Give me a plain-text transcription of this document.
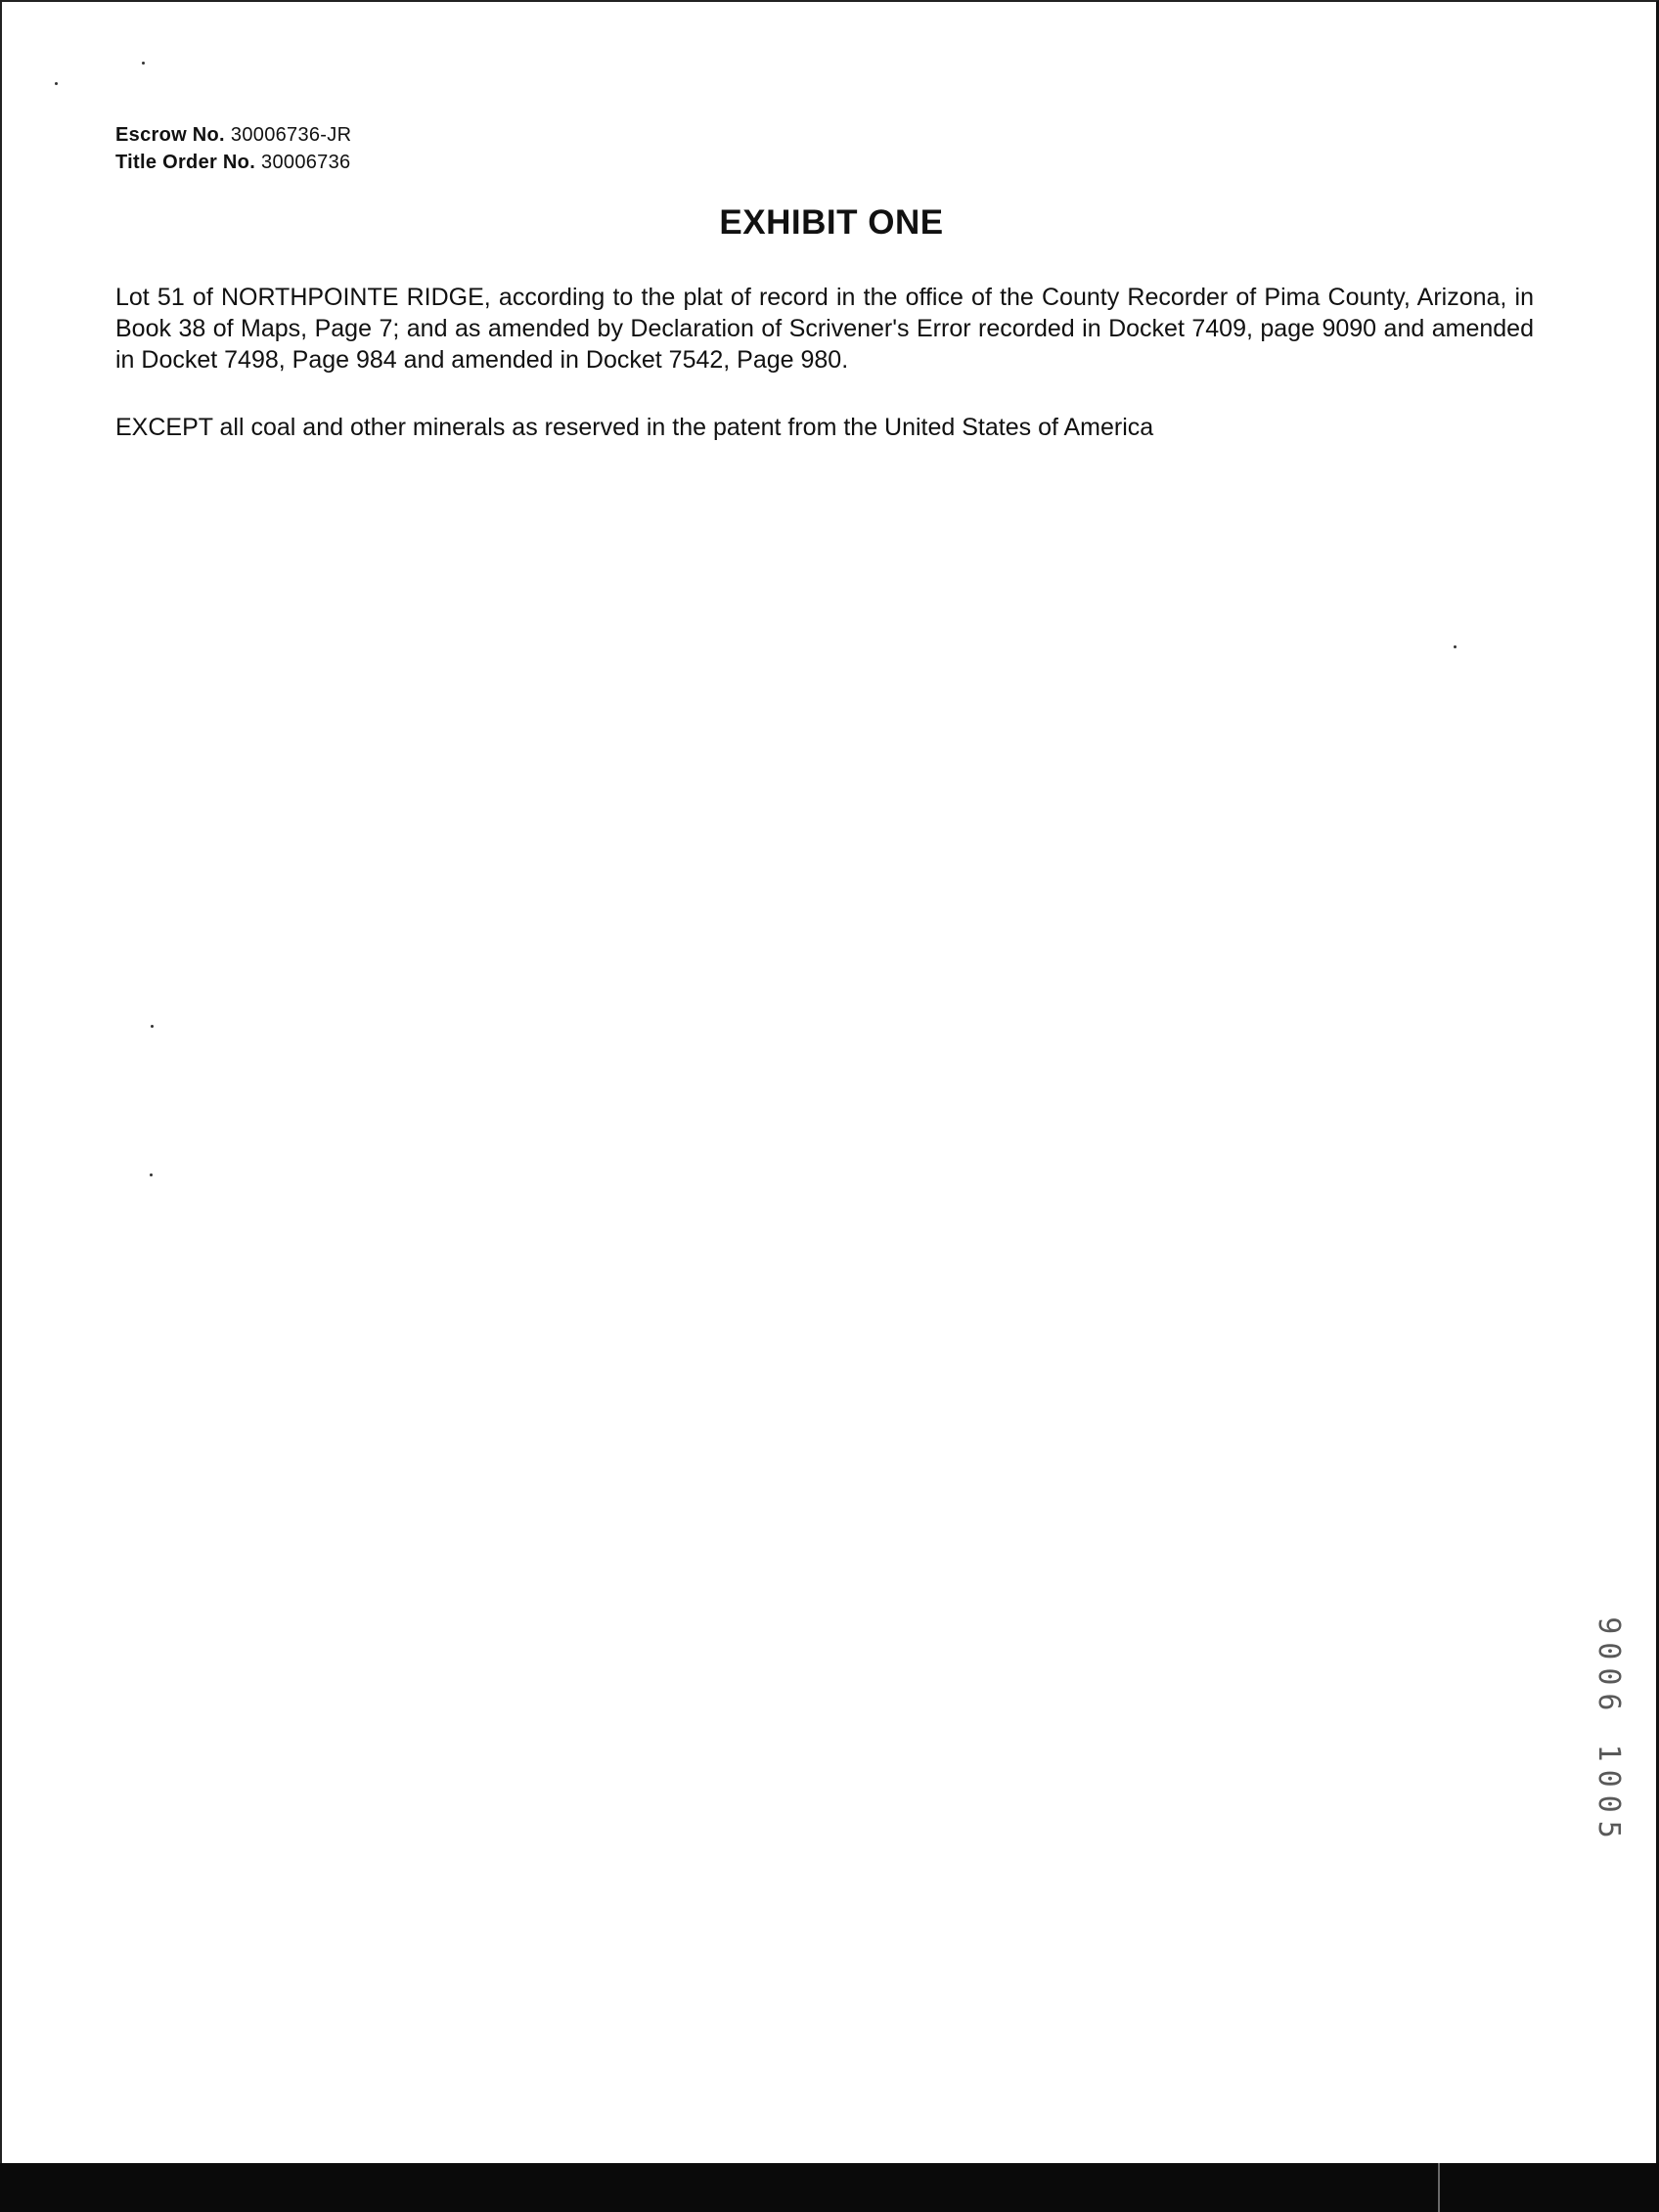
Escrow No. 30006736-JR
Title Order No. 30006736
EXHIBIT ONE

Lot 51 of NORTHPOINTE RIDGE, according to the plat of record in the office of the County Recorder of Pima County, Arizona, in Book 38 of Maps, Page 7; and as amended by Declaration of Scrivener's Error recorded in Docket 7409, page 9090 and amended in Docket 7498, Page 984 and amended in Docket 7542, Page 980.

EXCEPT all coal and other minerals as reserved in the patent from the United States of America

9006 1005
